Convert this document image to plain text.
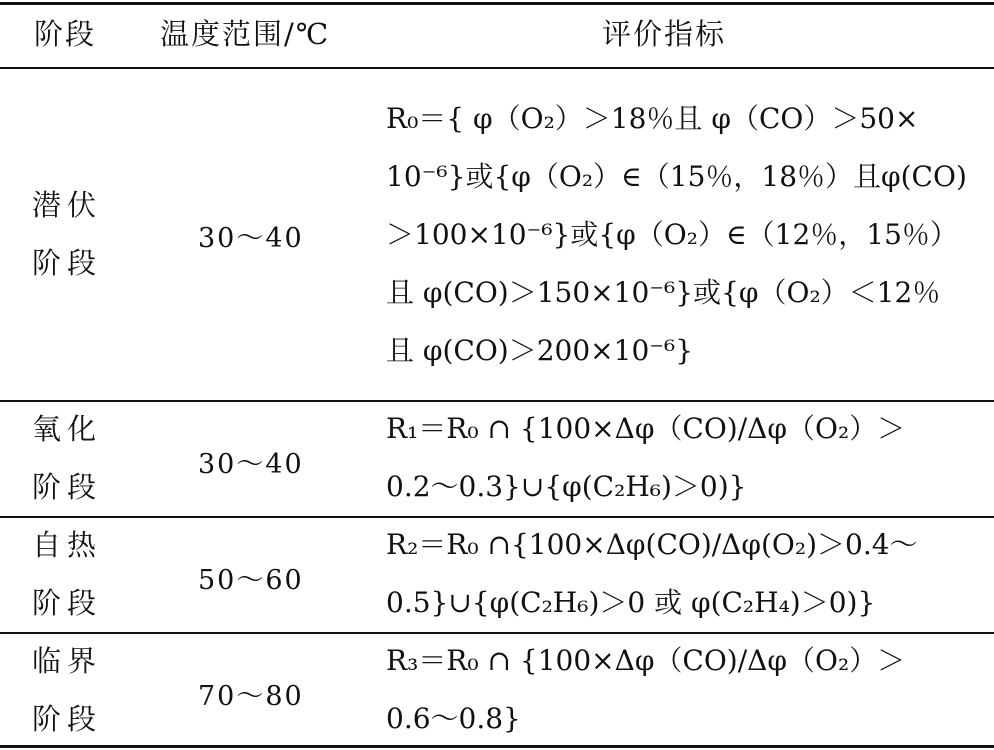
阶段 温度范围/℃	评价指标
潜伏
阶段
30～40
R₀＝{ φ（O₂）＞18％且 φ（CO）＞50×
10⁻⁶}或{φ（O₂）∈（15％，18％）且φ(CO)
＞100×10⁻⁶}或{φ（O₂）∈（12％，15％）
且 φ(CO)＞150×10⁻⁶}或{φ（O₂）＜12％
且 φ(CO)＞200×10⁻⁶}
氧化
阶段
30～40
R₁＝R₀ ∩ {100×Δφ（CO)/Δφ（O₂）＞
0.2～0.3}∪{φ(C₂H₆)＞0)}
自热
阶段
50～60
R₂＝R₀ ∩{100×Δφ(CO)/Δφ(O₂)＞0.4～
0.5}∪{φ(C₂H₆)＞0 或 φ(C₂H₄)＞0)}
临界
阶段
70～80
R₃＝R₀ ∩ {100×Δφ（CO)/Δφ（O₂）＞
0.6～0.8}
